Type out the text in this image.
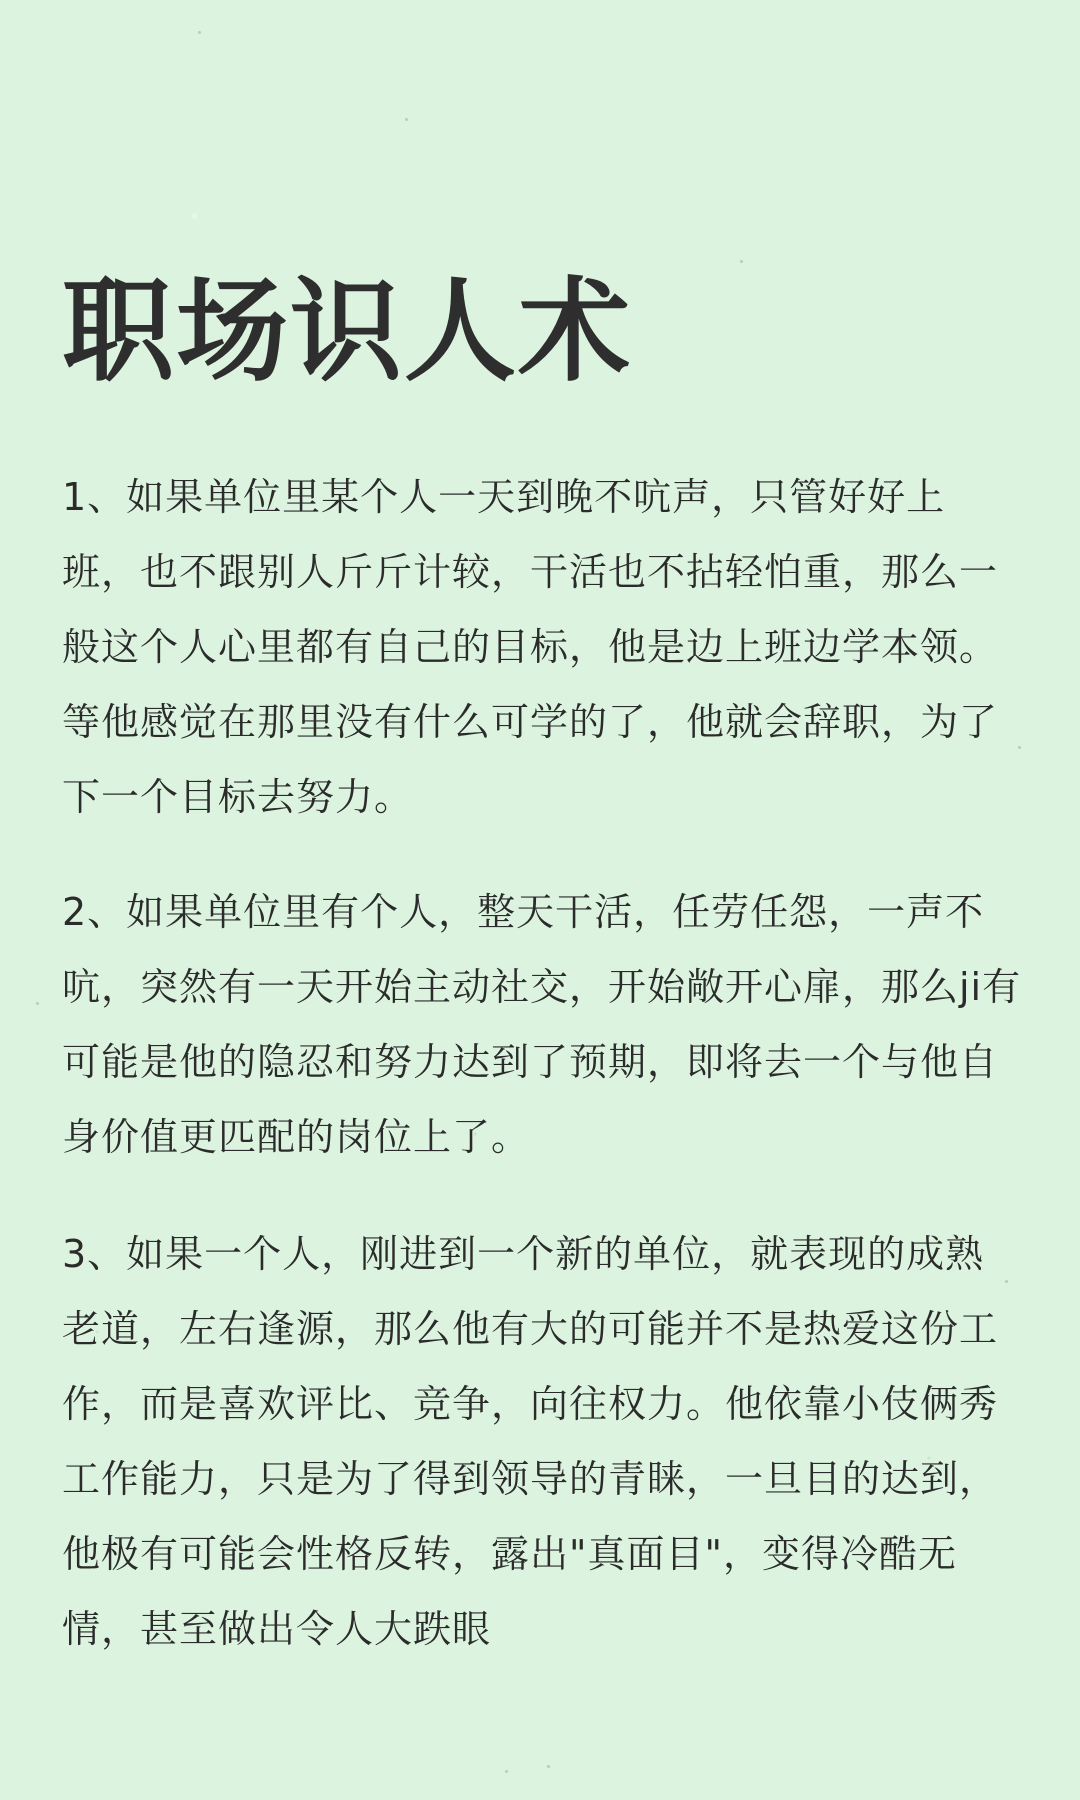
职场识人术

1、如果单位里某个人一天到晚不吭声，只管好好上班，也不跟别人斤斤计较，干活也不拈轻怕重，那么一般这个人心里都有自己的目标，他是边上班边学本领。等他感觉在那里没有什么可学的了，他就会辞职，为了下一个目标去努力。

2、如果单位里有个人，整天干活，任劳任怨，一声不吭，突然有一天开始主动社交，开始敞开心扉，那么ji有可能是他的隐忍和努力达到了预期，即将去一个与他自身价值更匹配的岗位上了。

3、如果一个人，刚进到一个新的单位，就表现的成熟老道，左右逢源，那么他有大的可能并不是热爱这份工作，而是喜欢评比、竞争，向往权力。他依靠小伎俩秀工作能力，只是为了得到领导的青睐，一旦目的达到，他极有可能会性格反转，露出"真面目"，变得冷酷无情，甚至做出令人大跌眼
